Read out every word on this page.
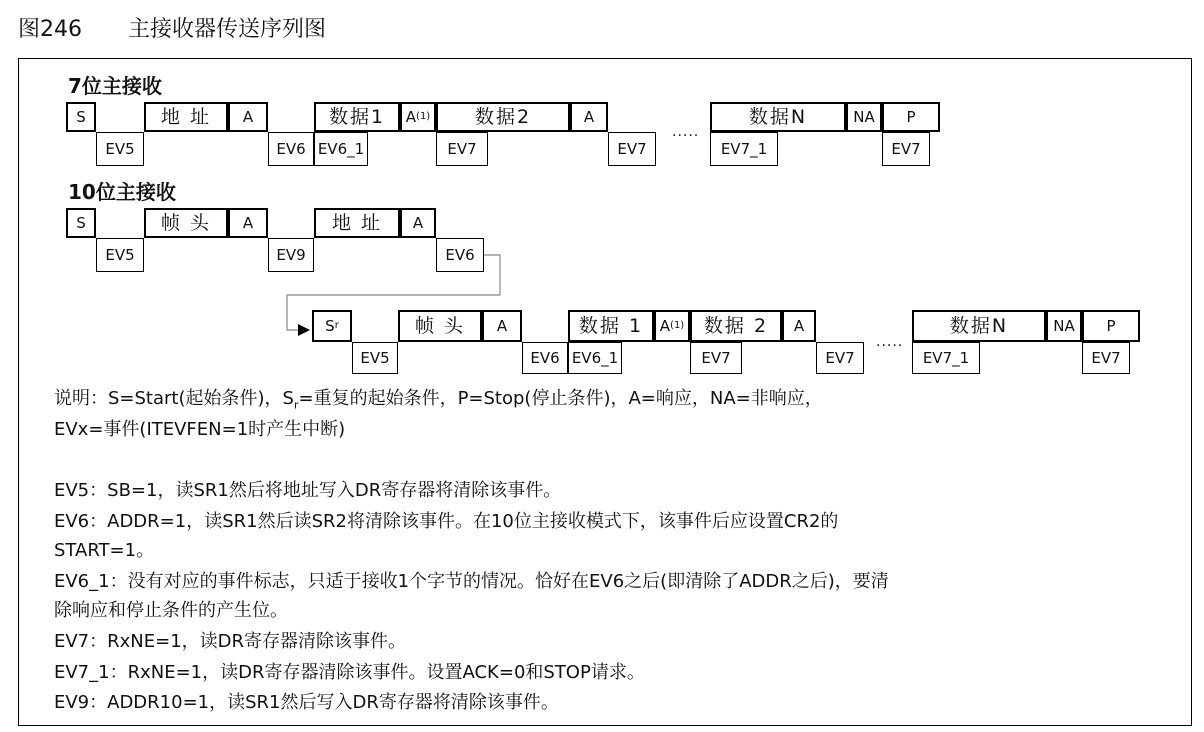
图246 主接收器传送序列图
7位主接收
S	地 址 A	数据1 A (1) 数据2	A	数据N	NA P
EV5	EV6 EV6_1	EV7	EV7
.....
EV7_1	EV7
10位主接收
S	帧 头 A	地 址 A
EV5	EV9	EV6
S r	帧 头 A	数据 1 A (1) 数据 2 A	数据N	NA P
EV5	EV6 EV6_1	EV7	EV7
.....
EV7_1	EV7
说明：S=Start(起始条件)，$S_r=$重复的起始条件，P=Stop(停止条件)，A=响应，NA=非响应，
EVx=事件(ITEVFEN=1时产生中断)
EV5：SB=1，读SR1然后将地址写入DR寄存器将清除该事件。
EV6：ADDR=1，读SR1然后读SR2将清除该事件。在10位主接收模式下，该事件后应设置CR2的
START=1。
EV6_1：没有对应的事件标志，只适于接收1个字节的情况。恰好在EV6之后(即清除了ADDR之后)，要清
除响应和停止条件的产生位。
EV7：RxNE=1，读DR寄存器清除该事件。
EV7_1：RxNE=1，读DR寄存器清除该事件。设置ACK=0和STOP请求。
EV9：ADDR10=1，读SR1然后写入DR寄存器将清除该事件。
